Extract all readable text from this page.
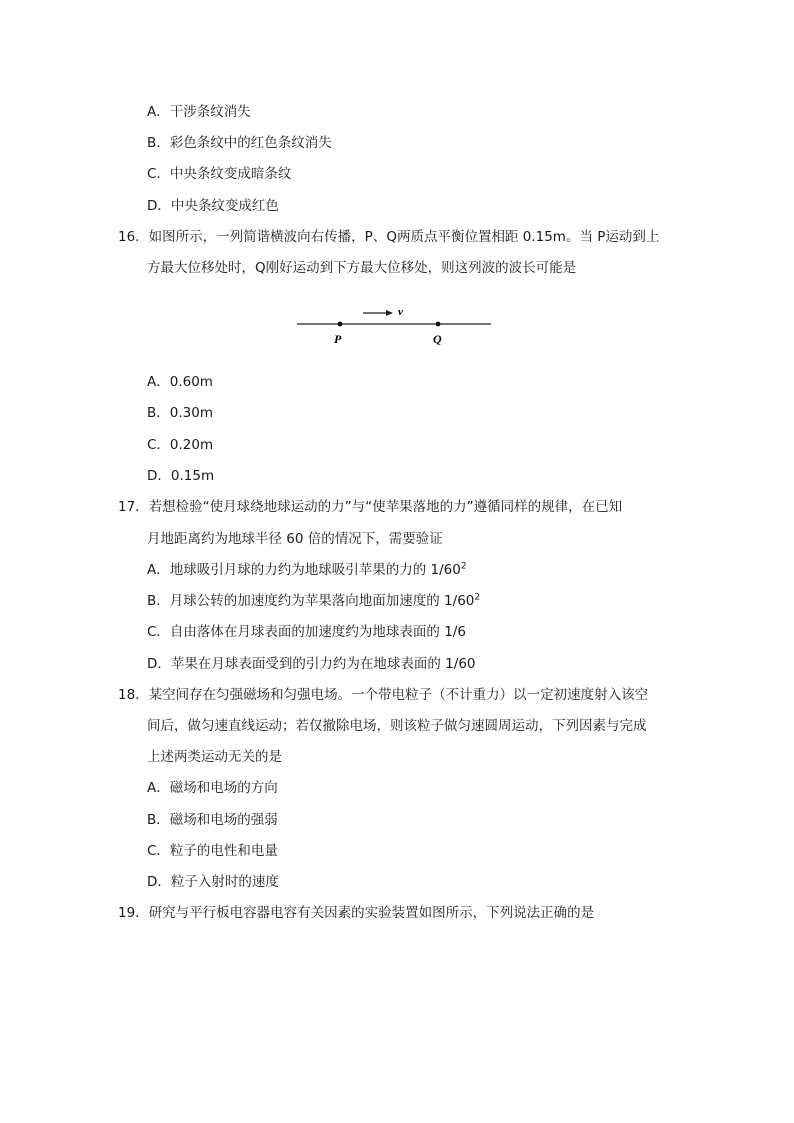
A．干涉条纹消失
B．彩色条纹中的红色条纹消失
C．中央条纹变成暗条纹
D．中央条纹变成红色
16．如图所示，一列简谐横波向右传播，P、Q两质点平衡位置相距 0.15m。当 P运动到上
方最大位移处时，Q刚好运动到下方最大位移处，则这列波的波长可能是
v
P	Q
A．0.60m
B．0.30m
C．0.20m
D．0.15m
17．若想检验“使月球绕地球运动的力”与“使苹果落地的力”遵循同样的规律，在已知
月地距离约为地球半径 60 倍的情况下，需要验证
A．地球吸引月球的力约为地球吸引苹果的力的 $1/60^2$
B．月球公转的加速度约为苹果落向地面加速度的 $1/60^2$
C．自由落体在月球表面的加速度约为地球表面的 1/6
D．苹果在月球表面受到的引力约为在地球表面的 1/60
18．某空间存在匀强磁场和匀强电场。一个带电粒子（不计重力）以一定初速度射入该空
间后，做匀速直线运动；若仅撤除电场，则该粒子做匀速圆周运动，下列因素与完成
上述两类运动无关的是
A．磁场和电场的方向
B．磁场和电场的强弱
C．粒子的电性和电量
D．粒子入射时的速度
19．研究与平行板电容器电容有关因素的实验装置如图所示，下列说法正确的是
